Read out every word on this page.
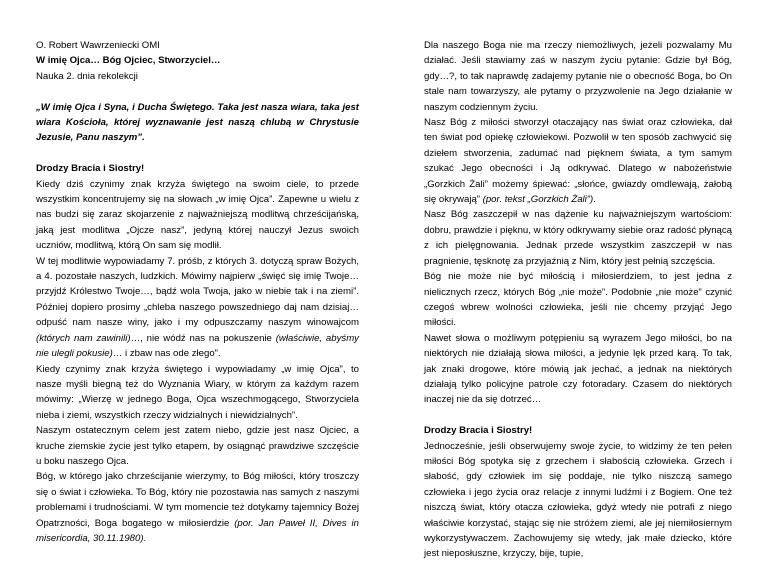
O. Robert Wawrzeniecki OMI

W imię Ojca… Bóg Ojciec, Stworzyciel…

Nauka 2. dnia rekolekcji

„W imię Ojca i Syna, i Ducha Świętego. Taka jest nasza wiara, taka jest wiara Kościoła, której wyznawanie jest naszą chlubą w Chrystusie Jezusie, Panu naszym”.

Drodzy Bracia i Siostry!

Kiedy dziś czynimy znak krzyża świętego na swoim ciele, to przede wszystkim koncentrujemy się na słowach „w imię Ojca”. Zapewne u wielu z nas budzi się zaraz skojarzenie z najważniejszą modlitwą chrześcijańską, jaką jest modlitwa „Ojcze nasz”, jedyną której nauczył Jezus swoich uczniów, modlitwą, którą On sam się modlił.

W tej modlitwie wypowiadamy 7. próśb, z których 3. dotyczą spraw Bożych, a 4. pozostałe naszych, ludzkich. Mówimy najpierw „święć się imię Twoje… przyjdź Królestwo Twoje…, bądź wola Twoja, jako w niebie tak i na ziemi”. Później dopiero prosimy „chleba naszego powszedniego daj nam dzisiaj… odpuść nam nasze winy, jako i my odpuszczamy naszym winowajcom (których nam zawinili)…, nie wódź nas na pokuszenie (właściwie, abyśmy nie ulegli pokusie)… i zbaw nas ode złego”.

Kiedy czynimy znak krzyża świętego i wypowiadamy „w imię Ojca”, to nasze myśli biegną też do Wyznania Wiary, w którym za każdym razem mówimy: „Wierzę w jednego Boga, Ojca wszechmogącego, Stworzyciela nieba i ziemi, wszystkich rzeczy widzialnych i niewidzialnych”.

Naszym ostatecznym celem jest zatem niebo, gdzie jest nasz Ojciec, a kruche ziemskie życie jest tylko etapem, by osiągnąć prawdziwe szczęście u boku naszego Ojca.

Bóg, w którego jako chrześcijanie wierzymy, to Bóg miłości, który troszczy się o świat i człowieka. To Bóg, który nie pozostawia nas samych z naszymi problemami i trudnościami. W tym momencie też dotykamy tajemnicy Bożej Opatrzności, Boga bogatego w miłosierdzie (por. Jan Paweł II, Dives in misericordia, 30.11.1980).

Dla naszego Boga nie ma rzeczy niemożliwych, jeżeli pozwalamy Mu działać. Jeśli stawiamy zaś w naszym życiu pytanie: Gdzie był Bóg, gdy…?, to tak naprawdę zadajemy pytanie nie o obecność Boga, bo On stale nam towarzyszy, ale pytamy o przyzwolenie na Jego działanie w naszym codziennym życiu.

Nasz Bóg z miłości stworzył otaczający nas świat oraz człowieka, dał ten świat pod opiekę człowiekowi. Pozwolił w ten sposób zachwycić się dziełem stworzenia, zadumać nad pięknem świata, a tym samym szukać Jego obecności i Ją odkrywać. Dlatego w nabożeństwie „Gorzkich Żali” możemy śpiewać: „słońce, gwiazdy omdlewają, żałobą się okrywają” (por. tekst „Gorzkich Żali”).

Nasz Bóg zaszczepił w nas dążenie ku najważniejszym wartościom: dobru, prawdzie i pięknu, w który odkrywamy siebie oraz radość płynącą z ich pielęgnowania. Jednak przede wszystkim zaszczepił w nas pragnienie, tęsknotę za przyjaźnią z Nim, który jest pełnią szczęścia.

Bóg nie może nie być miłością i miłosierdziem, to jest jedna z nielicznych rzecz, których Bóg „nie może”. Podobnie „nie może” czynić czegoś wbrew wolności człowieka, jeśli nie chcemy przyjąć Jego miłości.

Nawet słowa o możliwym potępieniu są wyrazem Jego miłości, bo na niektórych nie działają słowa miłości, a jedynie lęk przed karą. To tak, jak znaki drogowe, które mówią jak jechać, a jednak na niektórych działają tylko policyjne patrole czy fotoradary. Czasem do niektórych inaczej nie da się dotrzeć…

Drodzy Bracia i Siostry!

Jednocześnie, jeśli obserwujemy swoje życie, to widzimy że ten pełen miłości Bóg spotyka się z grzechem i słabością człowieka. Grzech i słabość, gdy człowiek im się poddaje, nie tylko niszczą samego człowieka i jego życia oraz relacje z innymi ludźmi i z Bogiem. One też niszczą świat, który otacza człowieka, gdyż wtedy nie potrafi z niego właściwie korzystać, stając się nie stróżem ziemi, ale jej niemiłosiernym wykorzystywaczem. Zachowujemy się wtedy, jak małe dziecko, które jest nieposłuszne, krzyczy, bije, tupie,
